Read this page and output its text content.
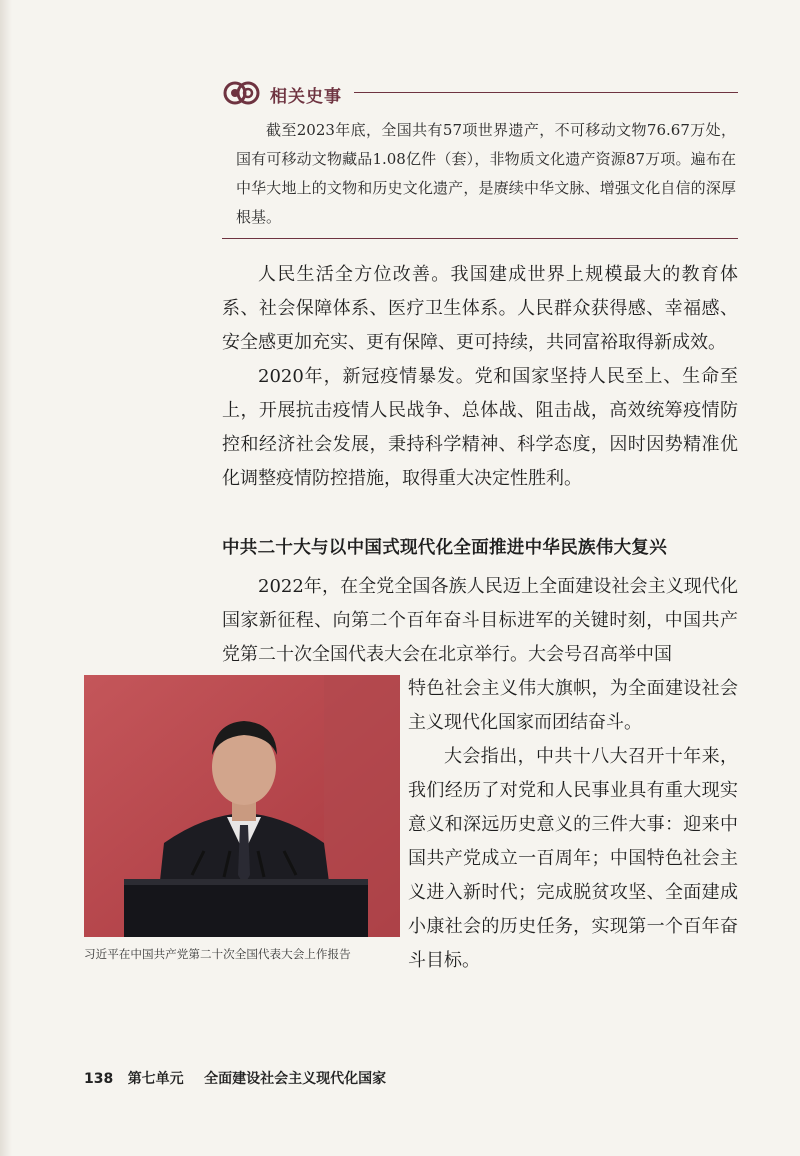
相关史事

截至2023年底，全国共有57项世界遗产，不可移动文物76.67万处，国有可移动文物藏品1.08亿件（套），非物质文化遗产资源87万项。遍布在中华大地上的文物和历史文化遗产，是赓续中华文脉、增强文化自信的深厚根基。

人民生活全方位改善。我国建成世界上规模最大的教育体系、社会保障体系、医疗卫生体系。人民群众获得感、幸福感、安全感更加充实、更有保障、更可持续，共同富裕取得新成效。

2020年，新冠疫情暴发。党和国家坚持人民至上、生命至上，开展抗击疫情人民战争、总体战、阻击战，高效统筹疫情防控和经济社会发展，秉持科学精神、科学态度，因时因势精准优化调整疫情防控措施，取得重大决定性胜利。

中共二十大与以中国式现代化全面推进中华民族伟大复兴

2022年，在全党全国各族人民迈上全面建设社会主义现代化国家新征程、向第二个百年奋斗目标进军的关键时刻，中国共产党第二十次全国代表大会在北京举行。大会号召高举中国

特色社会主义伟大旗帜，为全面建设社会主义现代化国家而团结奋斗。

大会指出，中共十八大召开十年来，我们经历了对党和人民事业具有重大现实意义和深远历史意义的三件大事：迎来中国共产党成立一百周年；中国特色社会主义进入新时代；完成脱贫攻坚、全面建成小康社会的历史任务，实现第一个百年奋斗目标。

习近平在中国共产党第二十次全国代表大会上作报告
138 第七单元 全面建设社会主义现代化国家
